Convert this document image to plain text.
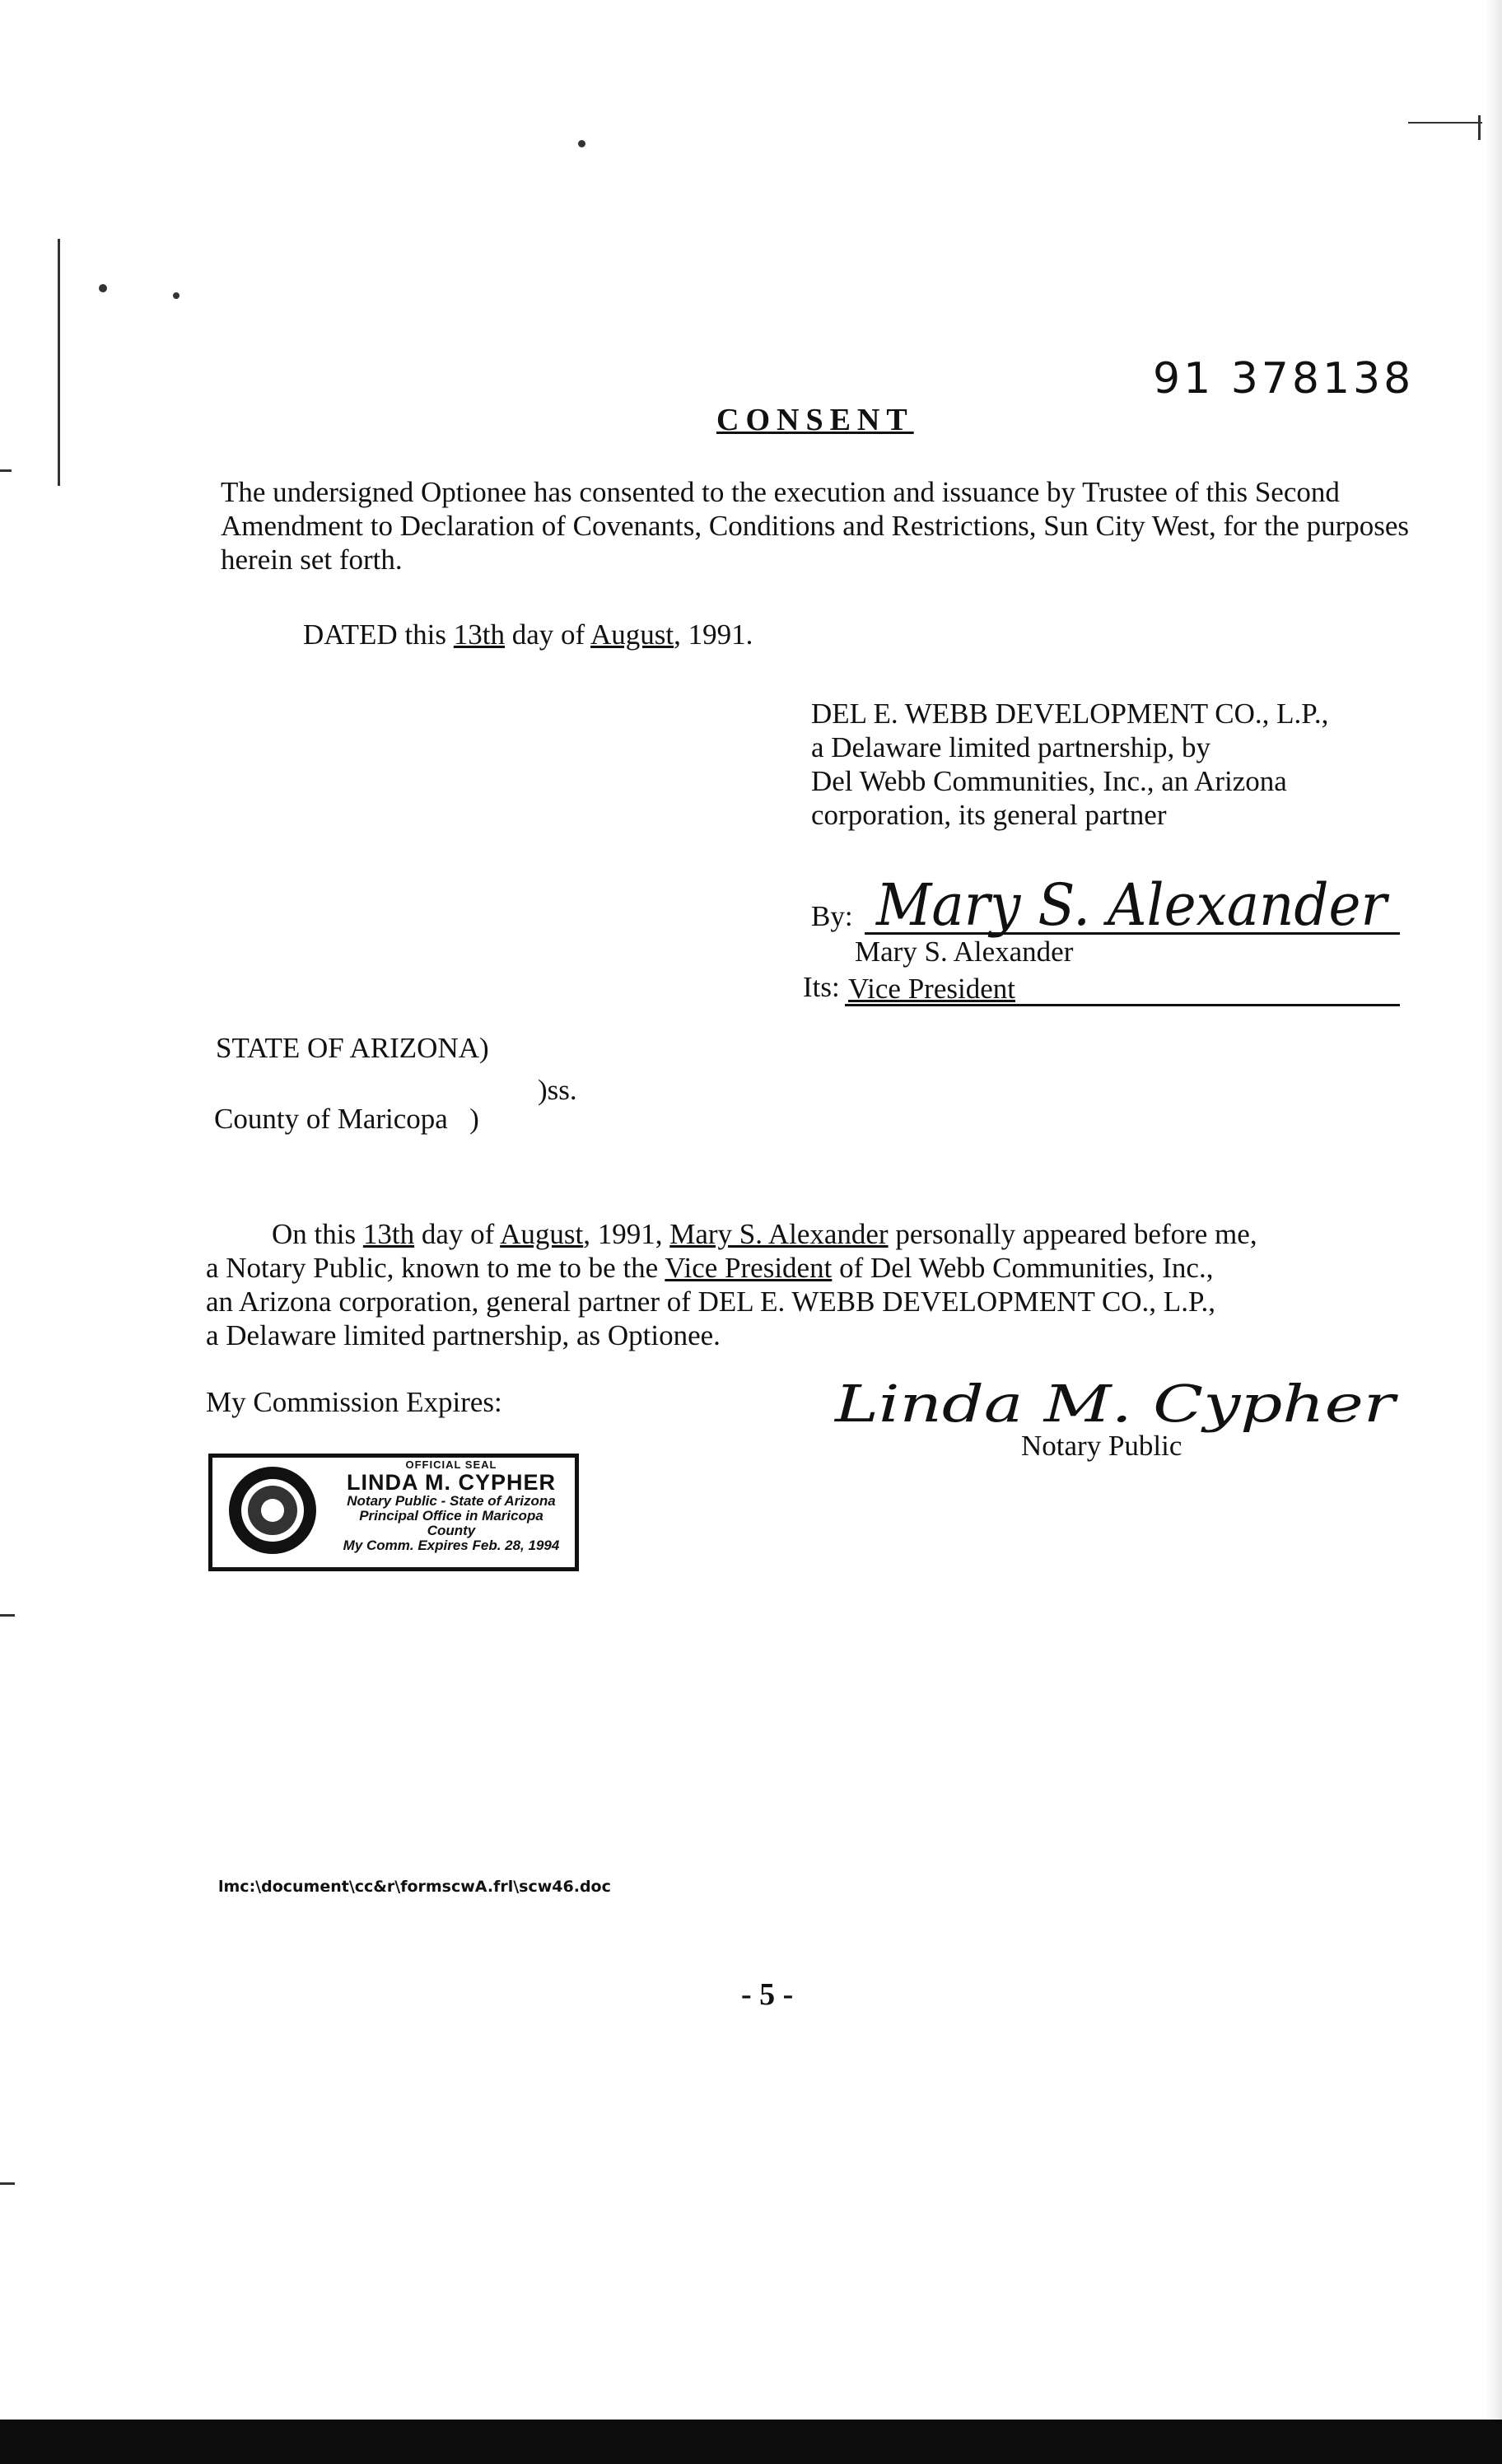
91 378138
CONSENT

The undersigned Optionee has consented to the execution and issuance by Trustee of this Second Amendment to Declaration of Covenants, Conditions and Restrictions, Sun City West, for the purposes herein set forth.

DATED this 13th day of August, 1991.
DEL E. WEBB DEVELOPMENT CO., L.P.,
a Delaware limited partnership, by
Del Webb Communities, Inc., an Arizona
corporation, its general partner
By: Mary S. Alexander
Mary S. Alexander
Its: Vice President
STATE OF ARIZONA)
)ss.
County of Maricopa   )
On this 13th day of August, 1991, Mary S. Alexander personally appeared before me,
a Notary Public, known to me to be the Vice President of Del Webb Communities, Inc.,
an Arizona corporation, general partner of DEL E. WEBB DEVELOPMENT CO., L.P.,
a Delaware limited partnership, as Optionee.
My Commission Expires:	Linda M. Cypher
Notary Public
OFFICIAL SEAL
LINDA M. CYPHER
Notary Public - State of Arizona
Principal Office in Maricopa County
My Comm. Expires Feb. 28, 1994
lmc:\document\cc&r\formscwA.frl\scw46.doc
- 5 -
